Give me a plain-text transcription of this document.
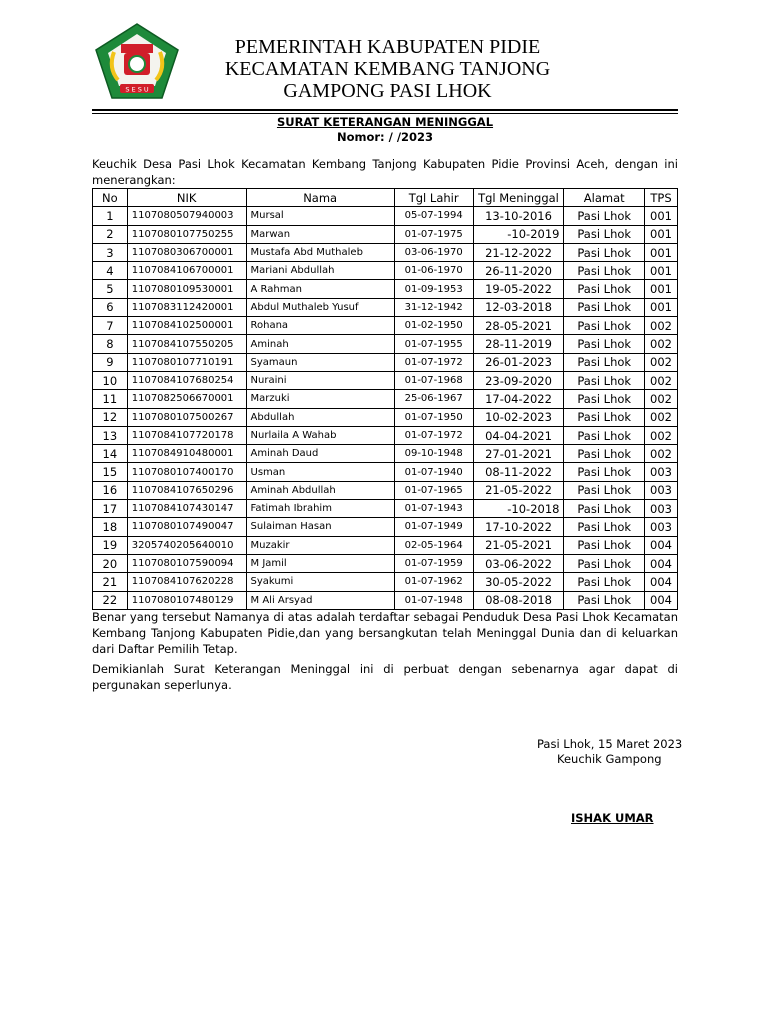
S E S U
PEMERINTAH KABUPATEN PIDIE
KECAMATAN KEMBANG TANJONG
GAMPONG PASI LHOK
SURAT KETERANGAN MENINGGAL
Nomor: / /2023
Keuchik Desa Pasi Lhok Kecamatan Kembang Tanjong Kabupaten Pidie Provinsi Aceh, dengan ini menerangkan:
No	NIK	Nama	Tgl Lahir	Tgl Meninggal	Alamat	TPS
1	1107080507940003	Mursal	05-07-1994	13-10-2016	Pasi Lhok	001
2	1107080107750255	Marwan	01-07-1975	-10-2019	Pasi Lhok	001
3	1107080306700001	Mustafa Abd Muthaleb	03-06-1970	21-12-2022	Pasi Lhok	001
4	1107084106700001	Mariani Abdullah	01-06-1970	26-11-2020	Pasi Lhok	001
5	1107080109530001	A Rahman	01-09-1953	19-05-2022	Pasi Lhok	001
6	1107083112420001	Abdul Muthaleb Yusuf	31-12-1942	12-03-2018	Pasi Lhok	001
7	1107084102500001	Rohana	01-02-1950	28-05-2021	Pasi Lhok	002
8	1107084107550205	Aminah	01-07-1955	28-11-2019	Pasi Lhok	002
9	1107080107710191	Syamaun	01-07-1972	26-01-2023	Pasi Lhok	002
10	1107084107680254	Nuraini	01-07-1968	23-09-2020	Pasi Lhok	002
11	1107082506670001	Marzuki	25-06-1967	17-04-2022	Pasi Lhok	002
12	1107080107500267	Abdullah	01-07-1950	10-02-2023	Pasi Lhok	002
13	1107084107720178	Nurlaila A Wahab	01-07-1972	04-04-2021	Pasi Lhok	002
14	1107084910480001	Aminah Daud	09-10-1948	27-01-2021	Pasi Lhok	002
15	1107080107400170	Usman	01-07-1940	08-11-2022	Pasi Lhok	003
16	1107084107650296	Aminah Abdullah	01-07-1965	21-05-2022	Pasi Lhok	003
17	1107084107430147	Fatimah Ibrahim	01-07-1943	-10-2018	Pasi Lhok	003
18	1107080107490047	Sulaiman Hasan	01-07-1949	17-10-2022	Pasi Lhok	003
19	3205740205640010	Muzakir	02-05-1964	21-05-2021	Pasi Lhok	004
20	1107080107590094	M Jamil	01-07-1959	03-06-2022	Pasi Lhok	004
21	1107084107620228	Syakumi	01-07-1962	30-05-2022	Pasi Lhok	004
22	1107080107480129	M Ali Arsyad	01-07-1948	08-08-2018	Pasi Lhok	004
Benar yang tersebut Namanya di atas adalah terdaftar sebagai Penduduk Desa Pasi Lhok Kecamatan Kembang Tanjong Kabupaten Pidie,dan yang bersangkutan telah Meninggal Dunia dan di keluarkan dari Daftar Pemilih Tetap.
Demikianlah Surat Keterangan Meninggal ini di perbuat dengan sebenarnya agar dapat di pergunakan seperlunya.
Pasi Lhok, 15 Maret 2023
Keuchik Gampong
ISHAK UMAR
